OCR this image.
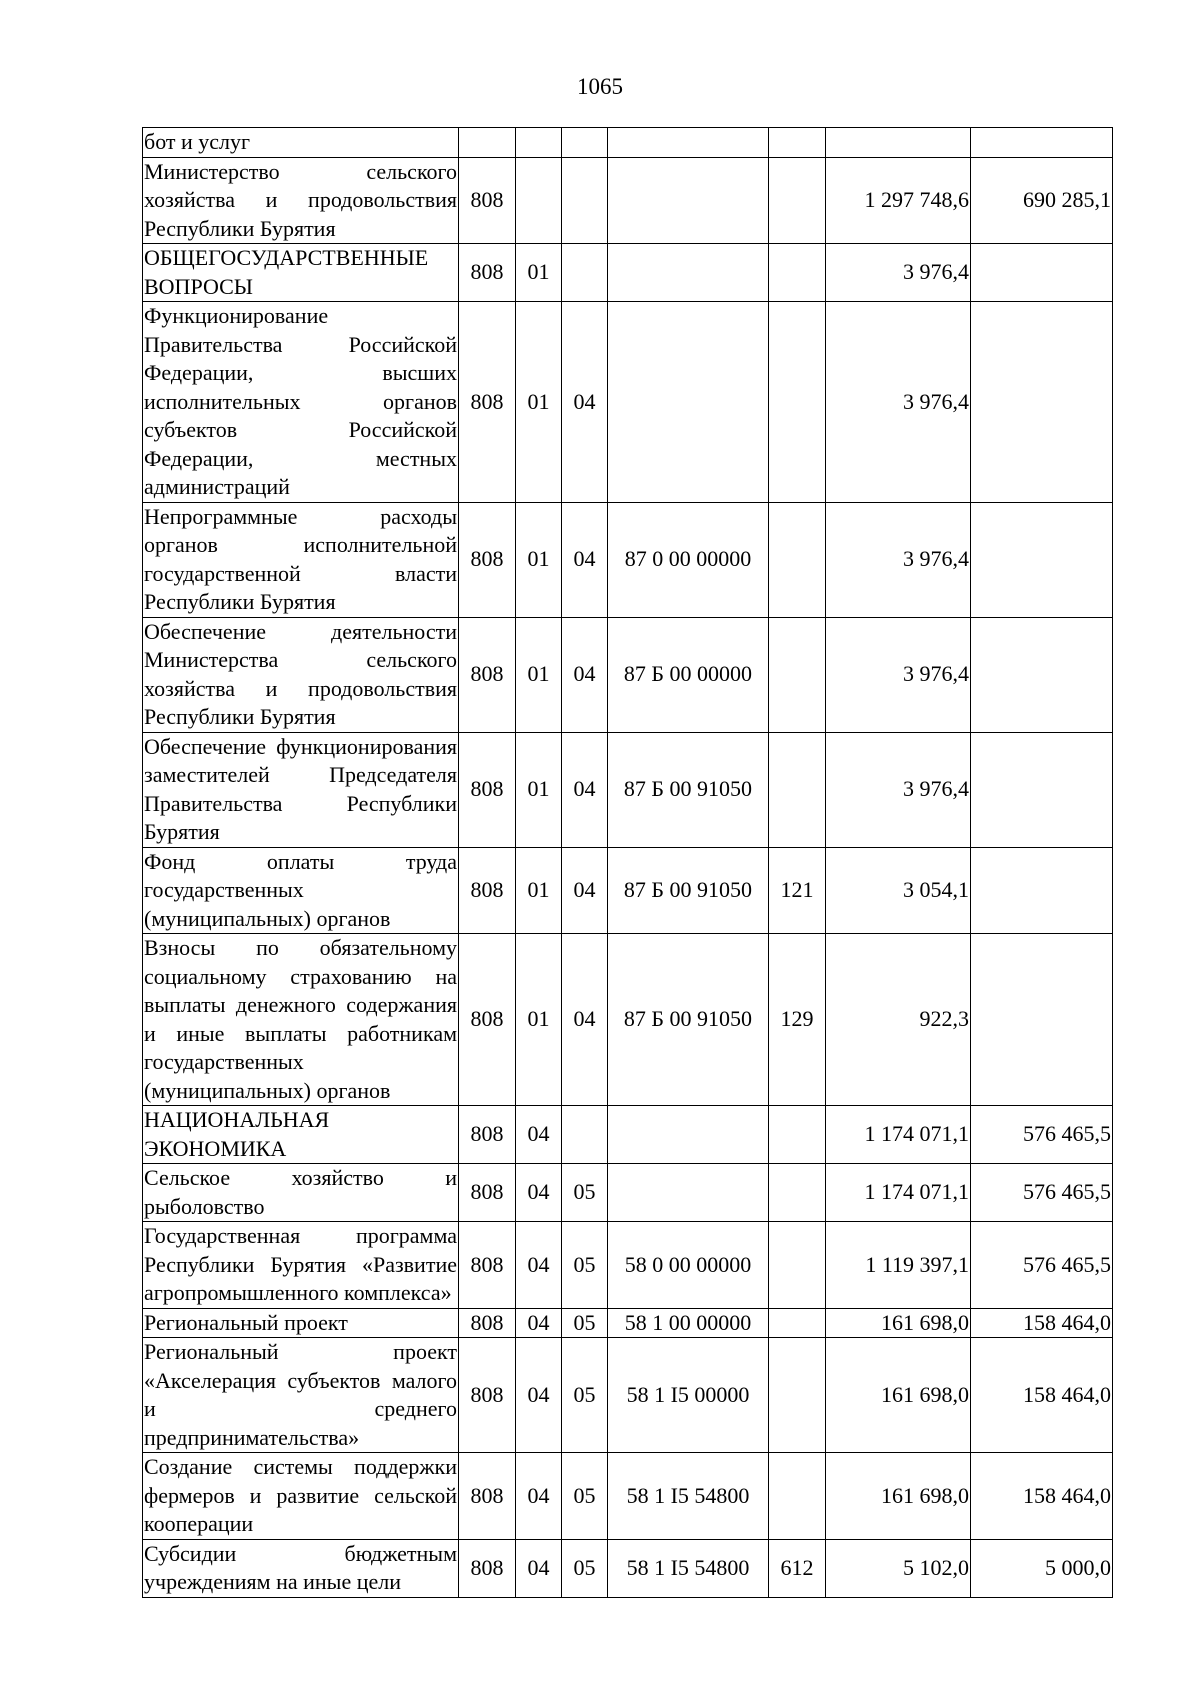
1065
бот и услуг							
Министерство сельского хозяйства и продовольствия Республики Бурятия	808					1 297 748,6	690 285,1
ОБЩЕГОСУДАРСТВЕННЫЕ ВОПРОСЫ	808	01				3 976,4	
Функционирование Правительства Российской Федерации, высших исполнительных органов субъектов Российской Федерации, местных администраций	808	01	04			3 976,4	
Непрограммные расходы органов исполнительной государственной власти Республики Бурятия	808	01	04	87 0 00 00000		3 976,4	
Обеспечение деятельности Министерства сельского хозяйства и продовольствия Республики Бурятия	808	01	04	87 Б 00 00000		3 976,4	
Обеспечение функционирования заместителей Председателя Правительства Республики Бурятия	808	01	04	87 Б 00 91050		3 976,4	
Фонд оплаты труда государственных (муниципальных) органов	808	01	04	87 Б 00 91050	121	3 054,1	
Взносы по обязательному социальному страхованию на выплаты денежного содержания и иные выплаты работникам государственных (муниципальных) органов	808	01	04	87 Б 00 91050	129	922,3	
НАЦИОНАЛЬНАЯ ЭКОНОМИКА	808	04				1 174 071,1	576 465,5
Сельское хозяйство и рыболовство	808	04	05			1 174 071,1	576 465,5
Государственная программа Республики Бурятия «Развитие агропромышленного комплекса»	808	04	05	58 0 00 00000		1 119 397,1	576 465,5
Региональный проект	808	04	05	58 1 00 00000		161 698,0	158 464,0
Региональный проект «Акселерация субъектов малого и среднего предпринимательства»	808	04	05	58 1 I5 00000		161 698,0	158 464,0
Создание системы поддержки фермеров и развитие сельской кооперации	808	04	05	58 1 I5 54800		161 698,0	158 464,0
Субсидии бюджетным учреждениям на иные цели	808	04	05	58 1 I5 54800	612	5 102,0	5 000,0
